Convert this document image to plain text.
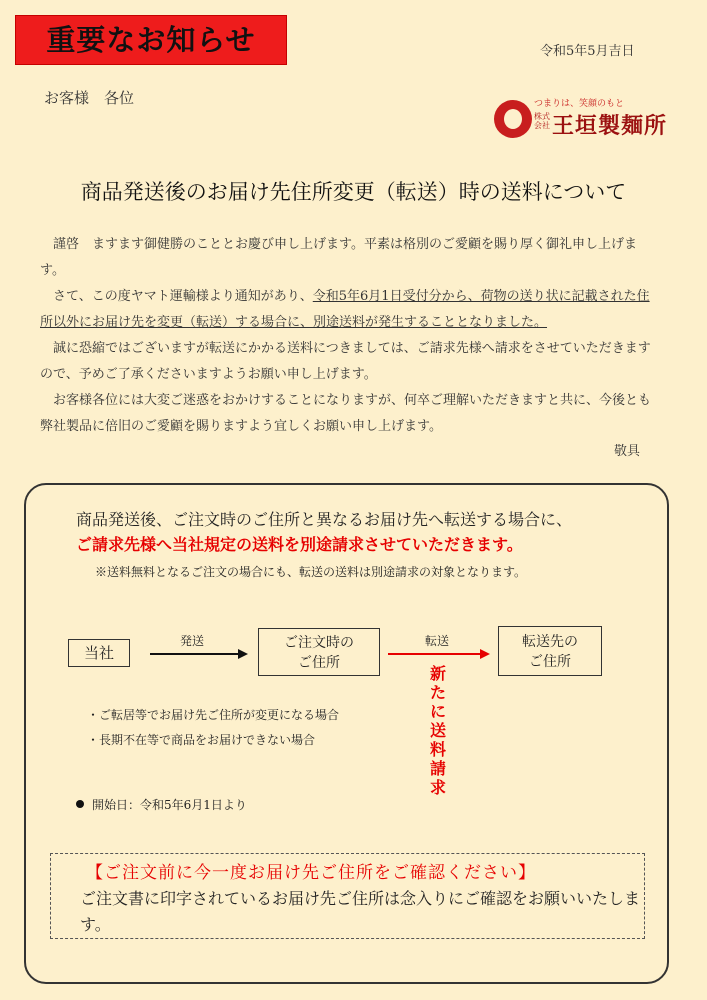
重要なお知らせ	令和5年5月吉日
お客様　各位	つまりは、笑顔のもと
株式会社 王垣製麺所
商品発送後のお届け先住所変更（転送）時の送料について
　謹啓　ますます御健勝のこととお慶び申し上げます。平素は格別のご愛顧を賜り厚く御礼申し上げます。
　さて、この度ヤマト運輸様より通知があり、令和5年6月1日受付分から、荷物の送り状に記載された住所以外にお届け先を変更（転送）する場合に、別途送料が発生することとなりました。
　誠に恐縮ではございますが転送にかかる送料につきましては、ご請求先様へ請求をさせていただきますので、予めご了承くださいますようお願い申し上げます。
　お客様各位には大変ご迷惑をおかけすることになりますが、何卒ご理解いただきますと共に、今後とも弊社製品に倍旧のご愛顧を賜りますよう宜しくお願い申し上げます。
敬具
商品発送後、ご注文時のご住所と異なるお届け先へ転送する場合に、
ご請求先様へ当社規定の送料を別途請求させていただきます。
※送料無料となるご注文の場合にも、転送の送料は別途請求の対象となります。
当社
発送	ご注文時の
ご住所
転送	転送先の
ご住所
新たに送料請求
・ご転居等でお届け先ご住所が変更になる場合
・長期不在等で商品をお届けできない場合
開始日：令和5年6月1日より
【ご注文前に今一度お届け先ご住所をご確認ください】
ご注文書に印字されているお届け先ご住所は念入りにご確認をお願いいたします。
